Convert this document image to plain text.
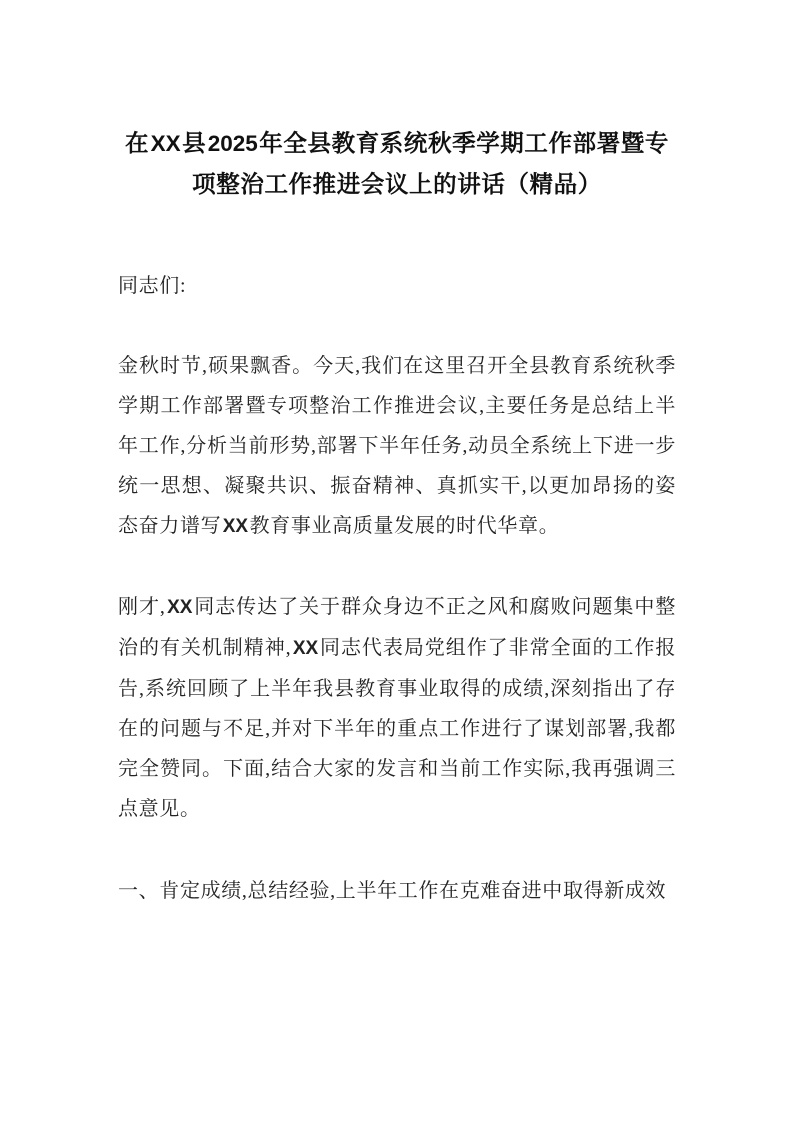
在XX县2025年全县教育系统秋季学期工作部署暨专
项整治工作推进会议上的讲话（精品）

同志们:

金秋时节,硕果飘香。今天,我们在这里召开全县教育系统秋季学期工作部署暨专项整治工作推进会议,主要任务是总结上半年工作,分析当前形势,部署下半年任务,动员全系统上下进一步统一思想、凝聚共识、振奋精神、真抓实干,以更加昂扬的姿态奋力谱写XX教育事业高质量发展的时代华章。

刚才,XX同志传达了关于群众身边不正之风和腐败问题集中整治的有关机制精神,XX同志代表局党组作了非常全面的工作报告,系统回顾了上半年我县教育事业取得的成绩,深刻指出了存在的问题与不足,并对下半年的重点工作进行了谋划部署,我都完全赞同。下面,结合大家的发言和当前工作实际,我再强调三点意见。

一、肯定成绩,总结经验,上半年工作在克难奋进中取得新成效
